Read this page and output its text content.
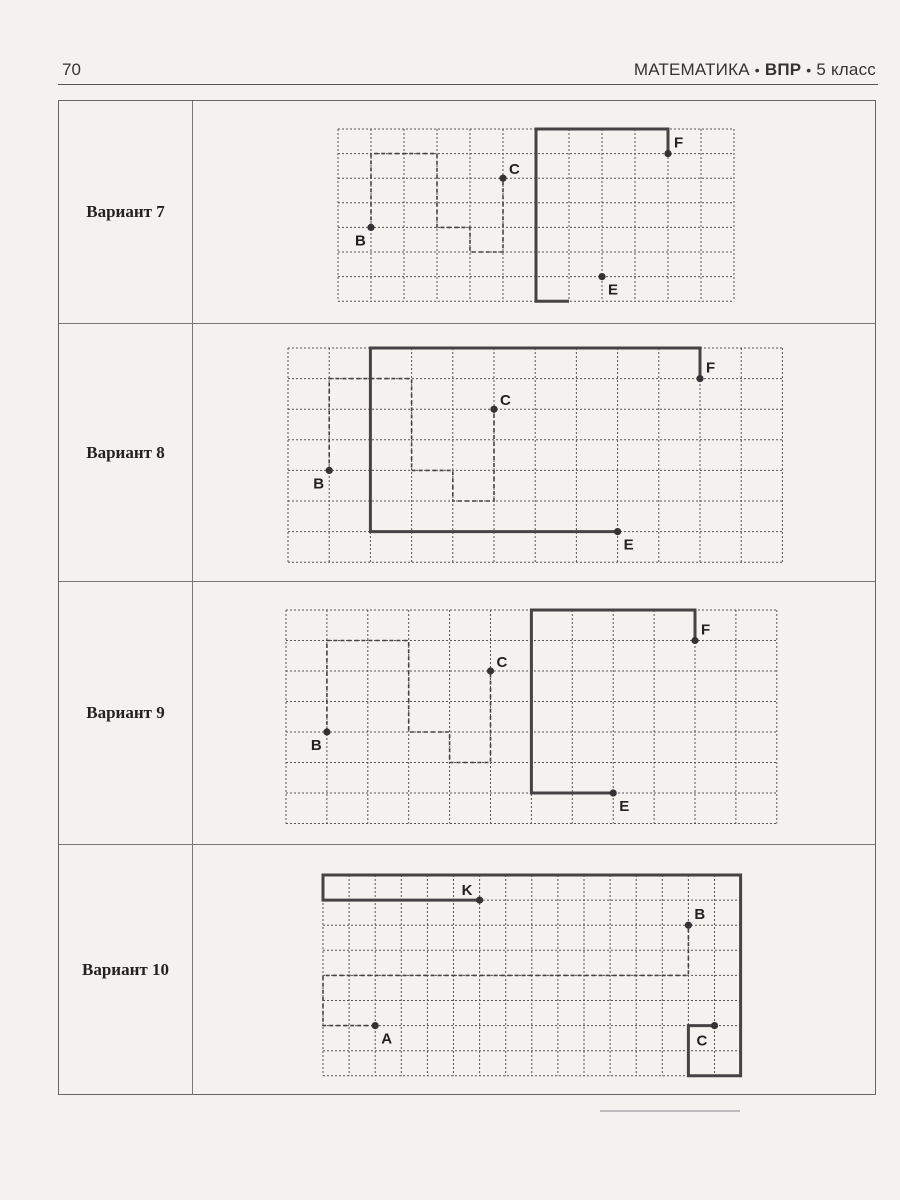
70	МАТЕМАТИКА • ВПР • 5 класс
Вариант 7
B
C
F
E
Вариант 8
B
C
F
E
Вариант 9
B
C
F
E
Вариант 10
K
B
A	C
